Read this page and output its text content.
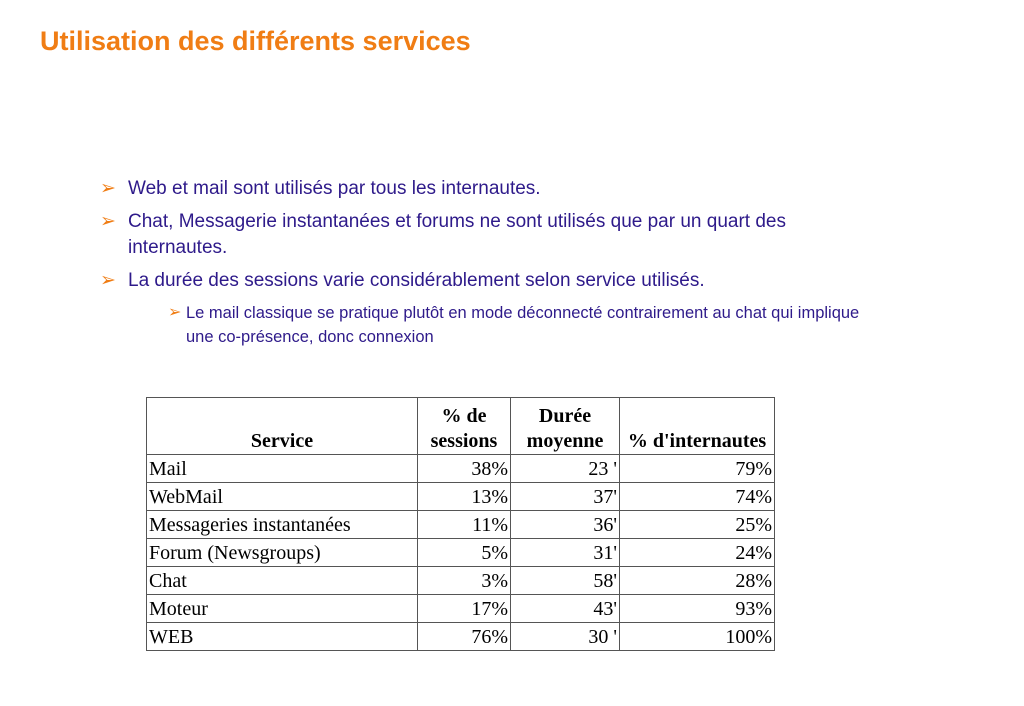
Utilisation des différents services
➢ Web et mail sont utilisés par tous les internautes.
➢ Chat, Messagerie instantanées et forums ne sont utilisés que par un quart des internautes.
➢ La durée des sessions varie considérablement selon service utilisés.
➢ Le mail classique se pratique plutôt en mode déconnecté contrairement au chat qui implique une co-présence, donc connexion
Service	% de sessions	Durée moyenne	% d'internautes
Mail	38%	23 '	79%
WebMail	13%	37'	74%
Messageries instantanées	11%	36'	25%
Forum (Newsgroups)	5%	31'	24%
Chat	3%	58'	28%
Moteur	17%	43'	93%
WEB	76%	30 '	100%
